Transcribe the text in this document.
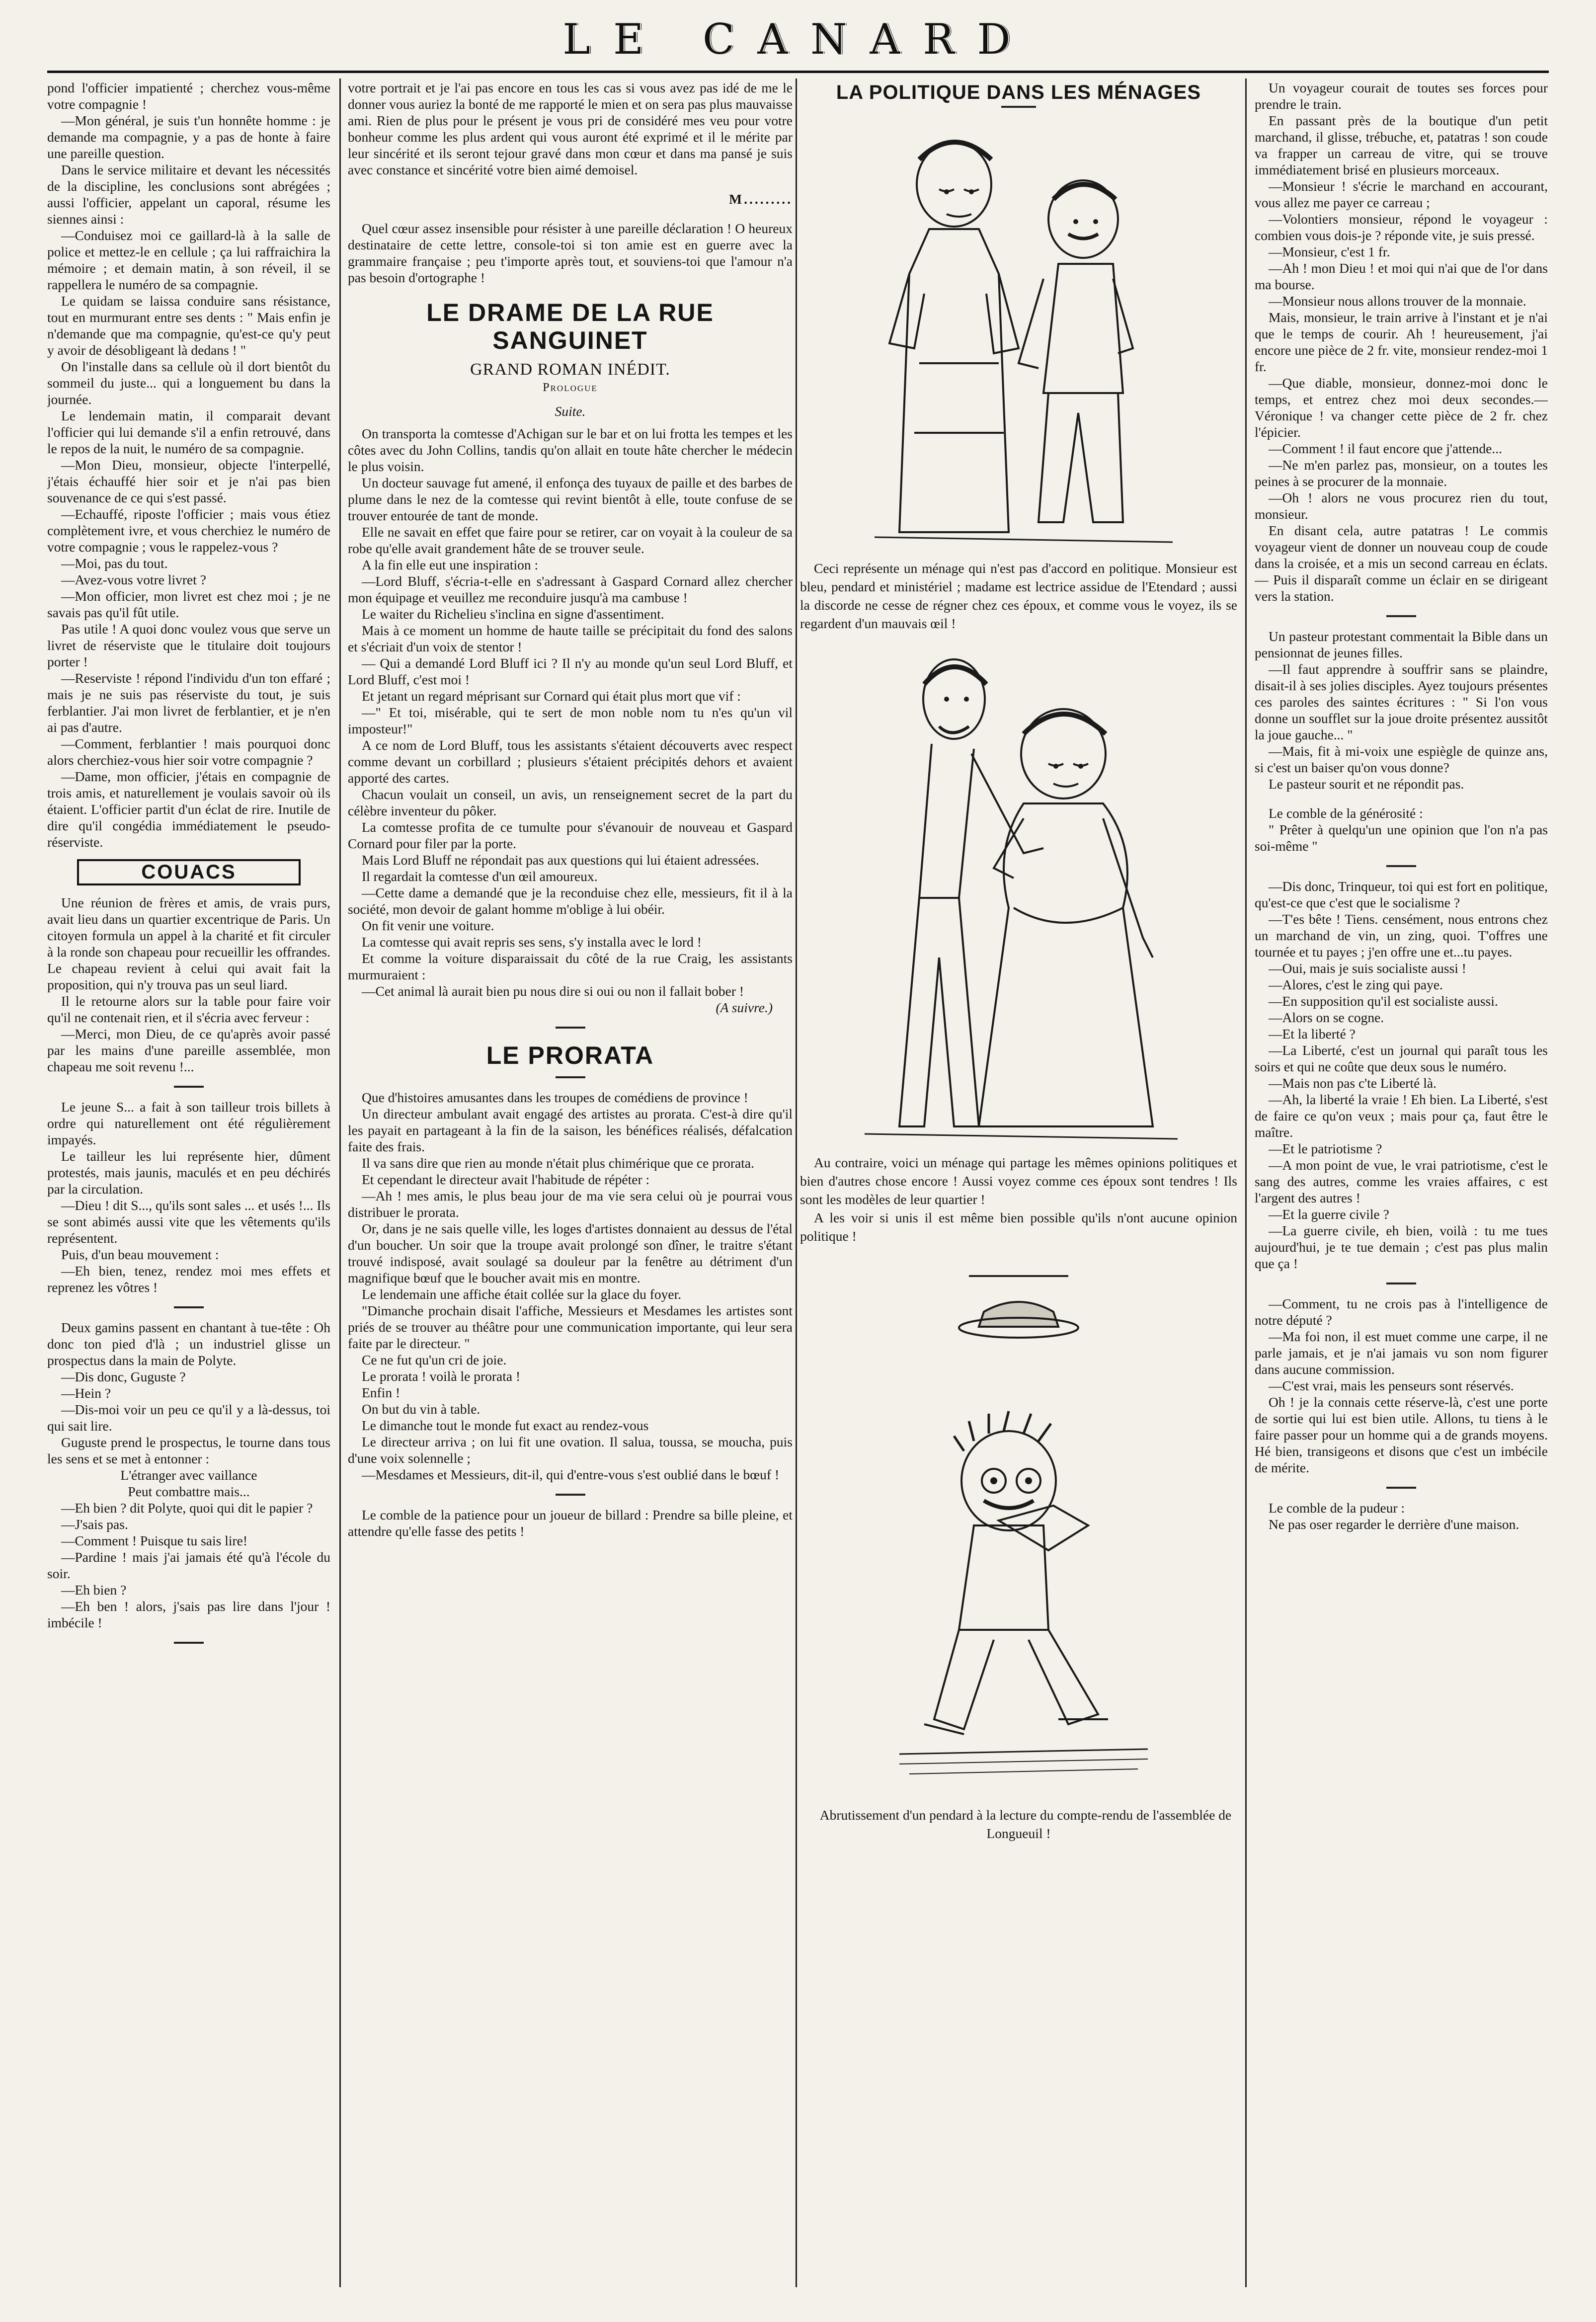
LE CANARD

pond l'officier impatienté ; cherchez vous-même votre compagnie !

—Mon général, je suis t'un honnête homme : je demande ma compagnie, y a pas de honte à faire une pareille question.

Dans le service militaire et devant les nécessités de la discipline, les conclusions sont abrégées ; aussi l'officier, appelant un caporal, résume les siennes ainsi :

—Conduisez moi ce gaillard-là à la salle de police et mettez-le en cellule ; ça lui raffraichira la mémoire ; et demain matin, à son réveil, il se rappellera le numéro de sa compagnie.

Le quidam se laissa conduire sans résistance, tout en murmurant entre ses dents : " Mais enfin je n'demande que ma compagnie, qu'est-ce qu'y peut y avoir de désobligeant là dedans ! "

On l'installe dans sa cellule où il dort bientôt du sommeil du juste... qui a longuement bu dans la journée.

Le lendemain matin, il comparait devant l'officier qui lui demande s'il a enfin retrouvé, dans le repos de la nuit, le numéro de sa compagnie.

—Mon Dieu, monsieur, objecte l'interpellé, j'étais échauffé hier soir et je n'ai pas bien souvenance de ce qui s'est passé.

—Echauffé, riposte l'officier ; mais vous étiez complètement ivre, et vous cherchiez le numéro de votre compagnie ; vous le rappelez-vous ?

—Moi, pas du tout.

—Avez-vous votre livret ?

—Mon officier, mon livret est chez moi ; je ne savais pas qu'il fût utile.

Pas utile ! A quoi donc voulez vous que serve un livret de réserviste que le titulaire doit toujours porter !

—Reserviste ! répond l'individu d'un ton effaré ; mais je ne suis pas réserviste du tout, je suis ferblantier. J'ai mon livret de ferblantier, et je n'en ai pas d'autre.

—Comment, ferblantier ! mais pourquoi donc alors cherchiez-vous hier soir votre compagnie ?

—Dame, mon officier, j'étais en compagnie de trois amis, et naturellement je voulais savoir où ils étaient. L'officier partit d'un éclat de rire. Inutile de dire qu'il congédia immédiatement le pseudo-réserviste.

COUACS

Une réunion de frères et amis, de vrais purs, avait lieu dans un quartier excentrique de Paris. Un citoyen formula un appel à la charité et fit circuler à la ronde son chapeau pour recueillir les offrandes. Le chapeau revient à celui qui avait fait la proposition, qui n'y trouva pas un seul liard.

Il le retourne alors sur la table pour faire voir qu'il ne contenait rien, et il s'écria avec ferveur :

—Merci, mon Dieu, de ce qu'après avoir passé par les mains d'une pareille assemblée, mon chapeau me soit revenu !...

Le jeune S... a fait à son tailleur trois billets à ordre qui naturellement ont été régulièrement impayés.

Le tailleur les lui représente hier, dûment protestés, mais jaunis, maculés et en peu déchirés par la circulation.

—Dieu ! dit S..., qu'ils sont sales ... et usés !... Ils se sont abimés aussi vite que les vêtements qu'ils représentent.

Puis, d'un beau mouvement :

—Eh bien, tenez, rendez moi mes effets et reprenez les vôtres !

Deux gamins passent en chantant à tue-tête : Oh donc ton pied d'là ; un industriel glisse un prospectus dans la main de Polyte.

—Dis donc, Guguste ?

—Hein ?

—Dis-moi voir un peu ce qu'il y a là-dessus, toi qui sait lire.

Guguste prend le prospectus, le tourne dans tous les sens et se met à entonner :

L'étranger avec vaillance

Peut combattre mais...

—Eh bien ? dit Polyte, quoi qui dit le papier ?

—J'sais pas.

—Comment ! Puisque tu sais lire!

—Pardine ! mais j'ai jamais été qu'à l'école du soir.

—Eh bien ?

—Eh ben ! alors, j'sais pas lire dans l'jour ! imbécile !

votre portrait et je l'ai pas encore en tous les cas si vous avez pas idé de me le donner vous auriez la bonté de me rapporté le mien et on sera pas plus mauvaisse ami. Rien de plus pour le présent je vous pri de considéré mes veu pour votre bonheur comme les plus ardent qui vous auront été exprimé et il le mérite par leur sincérité et ils seront tejour gravé dans mon cœur et dans ma pansé je suis avec constance et sincérité votre bien aimé demoisel.

M.........

Quel cœur assez insensible pour résister à une pareille déclaration ! O heureux destinataire de cette lettre, console-toi si ton amie est en guerre avec la grammaire française ; peu t'importe après tout, et souviens-toi que l'amour n'a pas besoin d'ortographe !

LE DRAME DE LA RUE SANGUINET
GRAND ROMAN INÉDIT.
Prologue
Suite.

On transporta la comtesse d'Achigan sur le bar et on lui frotta les tempes et les côtes avec du John Collins, tandis qu'on allait en toute hâte chercher le médecin le plus voisin.

Un docteur sauvage fut amené, il enfonça des tuyaux de paille et des barbes de plume dans le nez de la comtesse qui revint bientôt à elle, toute confuse de se trouver entourée de tant de monde.

Elle ne savait en effet que faire pour se retirer, car on voyait à la couleur de sa robe qu'elle avait grandement hâte de se trouver seule.

A la fin elle eut une inspiration :

—Lord Bluff, s'écria-t-elle en s'adressant à Gaspard Cornard allez chercher mon équipage et veuillez me reconduire jusqu'à ma cambuse !

Le waiter du Richelieu s'inclina en signe d'assentiment.

Mais à ce moment un homme de haute taille se précipitait du fond des salons et s'écriait d'un voix de stentor !

— Qui a demandé Lord Bluff ici ? Il n'y au monde qu'un seul Lord Bluff, et Lord Bluff, c'est moi !

Et jetant un regard méprisant sur Cornard qui était plus mort que vif :

—" Et toi, misérable, qui te sert de mon noble nom tu n'es qu'un vil imposteur!"

A ce nom de Lord Bluff, tous les assistants s'étaient découverts avec respect comme devant un corbillard ; plusieurs s'étaient précipités dehors et avaient apporté des cartes.

Chacun voulait un conseil, un avis, un renseignement secret de la part du célèbre inventeur du pôker.

La comtesse profita de ce tumulte pour s'évanouir de nouveau et Gaspard Cornard pour filer par la porte.

Mais Lord Bluff ne répondait pas aux questions qui lui étaient adressées.

Il regardait la comtesse d'un œil amoureux.

—Cette dame a demandé que je la reconduise chez elle, messieurs, fit il à la société, mon devoir de galant homme m'oblige à lui obéir.

On fit venir une voiture.

La comtesse qui avait repris ses sens, s'y installa avec le lord !

Et comme la voiture disparaissait du côté de la rue Craig, les assistants murmuraient :

—Cet animal là aurait bien pu nous dire si oui ou non il fallait bober !

(A suivre.)

LE PRORATA

Que d'histoires amusantes dans les troupes de comédiens de province !

Un directeur ambulant avait engagé des artistes au prorata. C'est-à dire qu'il les payait en partageant à la fin de la saison, les bénéfices réalisés, défalcation faite des frais.

Il va sans dire que rien au monde n'était plus chimérique que ce prorata.

Et cependant le directeur avait l'habitude de répéter :

—Ah ! mes amis, le plus beau jour de ma vie sera celui où je pourrai vous distribuer le prorata.

Or, dans je ne sais quelle ville, les loges d'artistes donnaient au dessus de l'étal d'un boucher. Un soir que la troupe avait prolongé son dîner, le traitre s'étant trouvé indisposé, avait soulagé sa douleur par la fenêtre au détriment d'un magnifique bœuf que le boucher avait mis en montre.

Le lendemain une affiche était collée sur la glace du foyer.

"Dimanche prochain disait l'affiche, Messieurs et Mesdames les artistes sont priés de se trouver au théâtre pour une communication importante, qui leur sera faite par le directeur. "

Ce ne fut qu'un cri de joie.

Le prorata ! voilà le prorata !

Enfin !

On but du vin à table.

Le dimanche tout le monde fut exact au rendez-vous

Le directeur arriva ; on lui fit une ovation. Il salua, toussa, se moucha, puis d'une voix solennelle ;

—Mesdames et Messieurs, dit-il, qui d'entre-vous s'est oublié dans le bœuf !

Le comble de la patience pour un joueur de billard : Prendre sa bille pleine, et attendre qu'elle fasse des petits !

LA POLITIQUE DANS LES MÉNAGES

Ceci représente un ménage qui n'est pas d'accord en politique. Monsieur est bleu, pendard et ministériel ; madame est lectrice assidue de l'Etendard ; aussi la discorde ne cesse de régner chez ces époux, et comme vous le voyez, ils se regardent d'un mauvais œil !

Au contraire, voici un ménage qui partage les mêmes opinions politiques et bien d'autres chose encore ! Aussi voyez comme ces époux sont tendres ! Ils sont les modèles de leur quartier !

A les voir si unis il est même bien possible qu'ils n'ont aucune opinion politique !

Abrutissement d'un pendard à la lecture du compte-rendu de l'assemblée de Longueuil !

Un voyageur courait de toutes ses forces pour prendre le train.

En passant près de la boutique d'un petit marchand, il glisse, trébuche, et, patatras ! son coude va frapper un carreau de vitre, qui se trouve immédiatement brisé en plusieurs morceaux.

—Monsieur ! s'écrie le marchand en accourant, vous allez me payer ce carreau ;

—Volontiers monsieur, répond le voyageur : combien vous dois-je ? réponde vite, je suis pressé.

—Monsieur, c'est 1 fr.

—Ah ! mon Dieu ! et moi qui n'ai que de l'or dans ma bourse.

—Monsieur nous allons trouver de la monnaie.

Mais, monsieur, le train arrive à l'instant et je n'ai que le temps de courir. Ah ! heureusement, j'ai encore une pièce de 2 fr. vite, monsieur rendez-moi 1 fr.

—Que diable, monsieur, donnez-moi donc le temps, et entrez chez moi deux secondes.— Véronique ! va changer cette pièce de 2 fr. chez l'épicier.

—Comment ! il faut encore que j'attende...

—Ne m'en parlez pas, monsieur, on a toutes les peines à se procurer de la monnaie.

—Oh ! alors ne vous procurez rien du tout, monsieur.

En disant cela, autre patatras ! Le commis voyageur vient de donner un nouveau coup de coude dans la croisée, et a mis un second carreau en éclats.— Puis il disparaît comme un éclair en se dirigeant vers la station.

Un pasteur protestant commentait la Bible dans un pensionnat de jeunes filles.

—Il faut apprendre à souffrir sans se plaindre, disait-il à ses jolies disciples. Ayez toujours présentes ces paroles des saintes écritures : " Si l'on vous donne un soufflet sur la joue droite présentez aussitôt la joue gauche... "

—Mais, fit à mi-voix une espiègle de quinze ans, si c'est un baiser qu'on vous donne?

Le pasteur sourit et ne répondit pas.

Le comble de la générosité :

" Prêter à quelqu'un une opinion que l'on n'a pas soi-même "

—Dis donc, Trinqueur, toi qui est fort en politique, qu'est-ce que c'est que le socialisme ?

—T'es bête ! Tiens. censément, nous entrons chez un marchand de vin, un zing, quoi. T'offres une tournée et tu payes ; j'en offre une et...tu payes.

—Oui, mais je suis socialiste aussi !

—Alores, c'est le zing qui paye.

—En supposition qu'il est socialiste aussi.

—Alors on se cogne.

—Et la liberté ?

—La Liberté, c'est un journal qui paraît tous les soirs et qui ne coûte que deux sous le numéro.

—Mais non pas c'te Liberté là.

—Ah, la liberté la vraie ! Eh bien. La Liberté, s'est de faire ce qu'on veux ; mais pour ça, faut être le maître.

—Et le patriotisme ?

—A mon point de vue, le vrai patriotisme, c'est le sang des autres, comme les vraies affaires, c est l'argent des autres !

—Et la guerre civile ?

—La guerre civile, eh bien, voilà : tu me tues aujourd'hui, je te tue demain ; c'est pas plus malin que ça !

—Comment, tu ne crois pas à l'intelligence de notre député ?

—Ma foi non, il est muet comme une carpe, il ne parle jamais, et je n'ai jamais vu son nom figurer dans aucune commission.

—C'est vrai, mais les penseurs sont réservés.

Oh ! je la connais cette réserve-là, c'est une porte de sortie qui lui est bien utile. Allons, tu tiens à le faire passer pour un homme qui a de grands moyens. Hé bien, transigeons et disons que c'est un imbécile de mérite.

Le comble de la pudeur :

Ne pas oser regarder le derrière d'une maison.
